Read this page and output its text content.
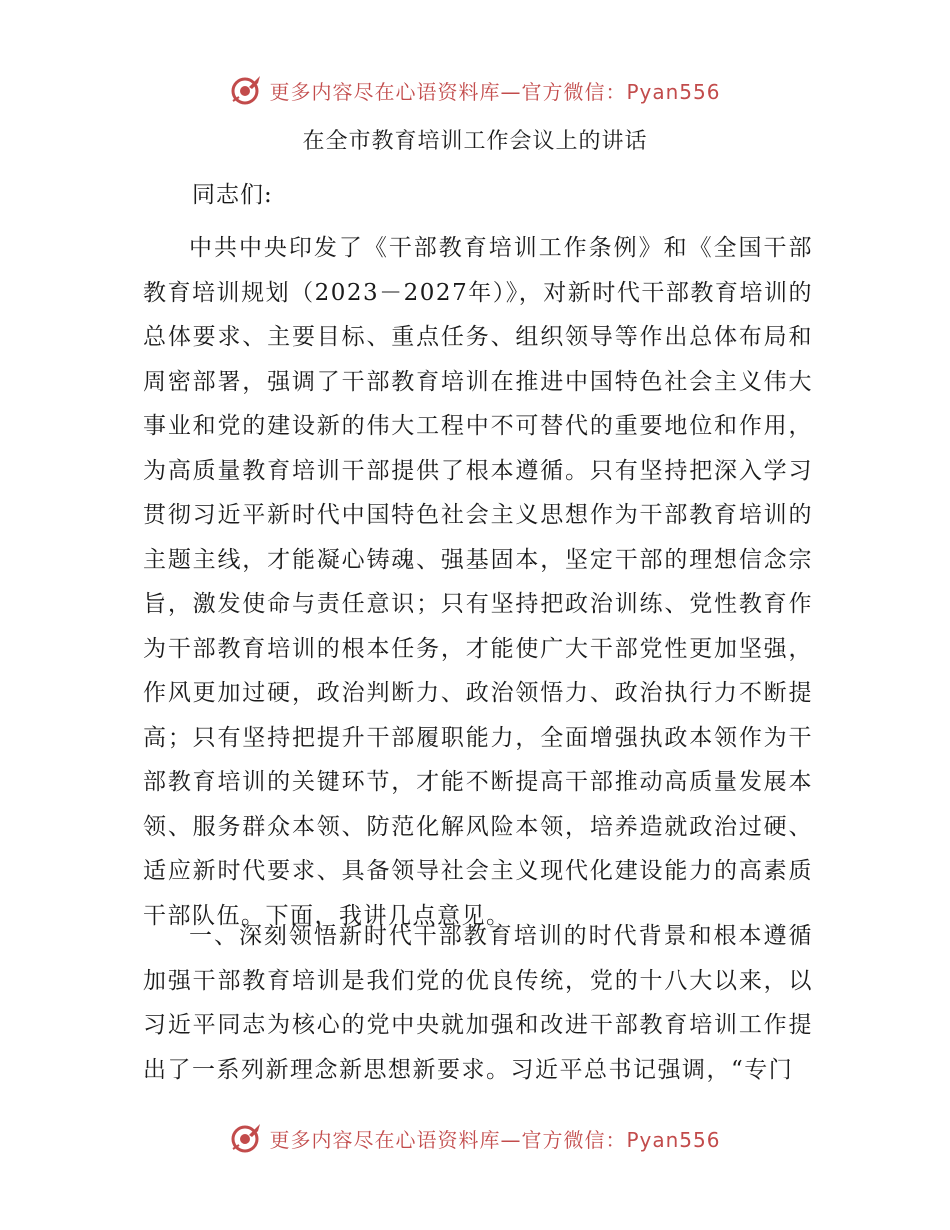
更多内容尽在心语资料库—官方微信：Pyan556
在全市教育培训工作会议上的讲话
同志们:

中共中央印发了《干部教育培训工作条例》和《全国干部教育培训规划（2023－2027年）》，对新时代干部教育培训的总体要求、主要目标、重点任务、组织领导等作出总体布局和周密部署，强调了干部教育培训在推进中国特色社会主义伟大事业和党的建设新的伟大工程中不可替代的重要地位和作用，为高质量教育培训干部提供了根本遵循。只有坚持把深入学习贯彻习近平新时代中国特色社会主义思想作为干部教育培训的主题主线，才能凝心铸魂、强基固本，坚定干部的理想信念宗旨，激发使命与责任意识；只有坚持把政治训练、党性教育作为干部教育培训的根本任务，才能使广大干部党性更加坚强，作风更加过硬，政治判断力、政治领悟力、政治执行力不断提高；只有坚持把提升干部履职能力，全面增强执政本领作为干部教育培训的关键环节，才能不断提高干部推动高质量发展本领、服务群众本领、防范化解风险本领，培养造就政治过硬、适应新时代要求、具备领导社会主义现代化建设能力的高素质干部队伍。下面，我讲几点意见。

一、深刻领悟新时代干部教育培训的时代背景和根本遵循加强干部教育培训是我们党的优良传统，党的十八大以来，以习近平同志为核心的党中央就加强和改进干部教育培训工作提出了一系列新理念新思想新要求。习近平总书记强调，“专门

更多内容尽在心语资料库—官方微信：Pyan556
